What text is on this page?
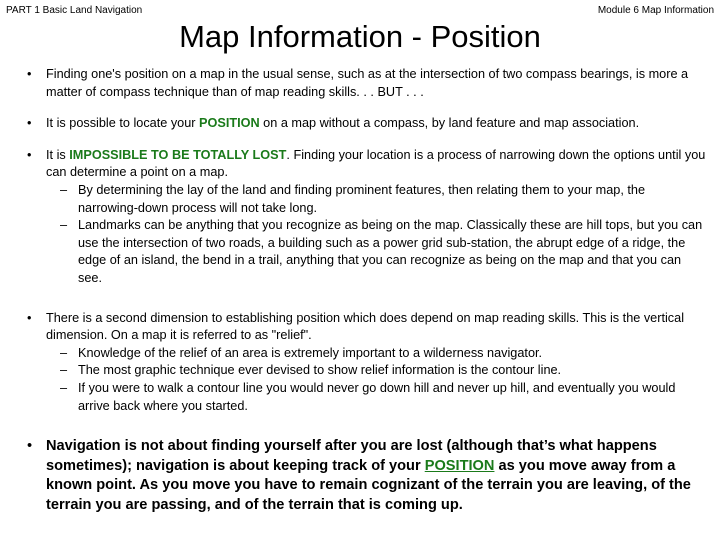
PART 1 Basic Land Navigation	Module 6 Map Information
Map Information - Position
• Finding one's position on a map in the usual sense, such as at the intersection of two compass bearings, is more a matter of compass technique than of map reading skills. . . BUT . . .
• It is possible to locate your POSITION on a map without a compass, by land feature and map association.
• It is IMPOSSIBLE TO BE TOTALLY LOST. Finding your location is a process of narrowing down the options until you can determine a point on a map.
– By determining the lay of the land and finding prominent features, then relating them to your map, the narrowing-down process will not take long.
– Landmarks can be anything that you recognize as being on the map. Classically these are hill tops, but you can use the intersection of two roads, a building such as a power grid sub-station, the abrupt edge of a ridge, the edge of an island, the bend in a trail, anything that you can recognize as being on the map and that you can see.
• There is a second dimension to establishing position which does depend on map reading skills. This is the vertical dimension. On a map it is referred to as "relief".
– Knowledge of the relief of an area is extremely important to a wilderness navigator.
– The most graphic technique ever devised to show relief information is the contour line.
– If you were to walk a contour line you would never go down hill and never up hill, and eventually you would arrive back where you started.
• Navigation is not about finding yourself after you are lost (although that’s what happens sometimes); navigation is about keeping track of your POSITION as you move away from a known point. As you move you have to remain cognizant of the terrain you are leaving, of the terrain you are passing, and of the terrain that is coming up.
